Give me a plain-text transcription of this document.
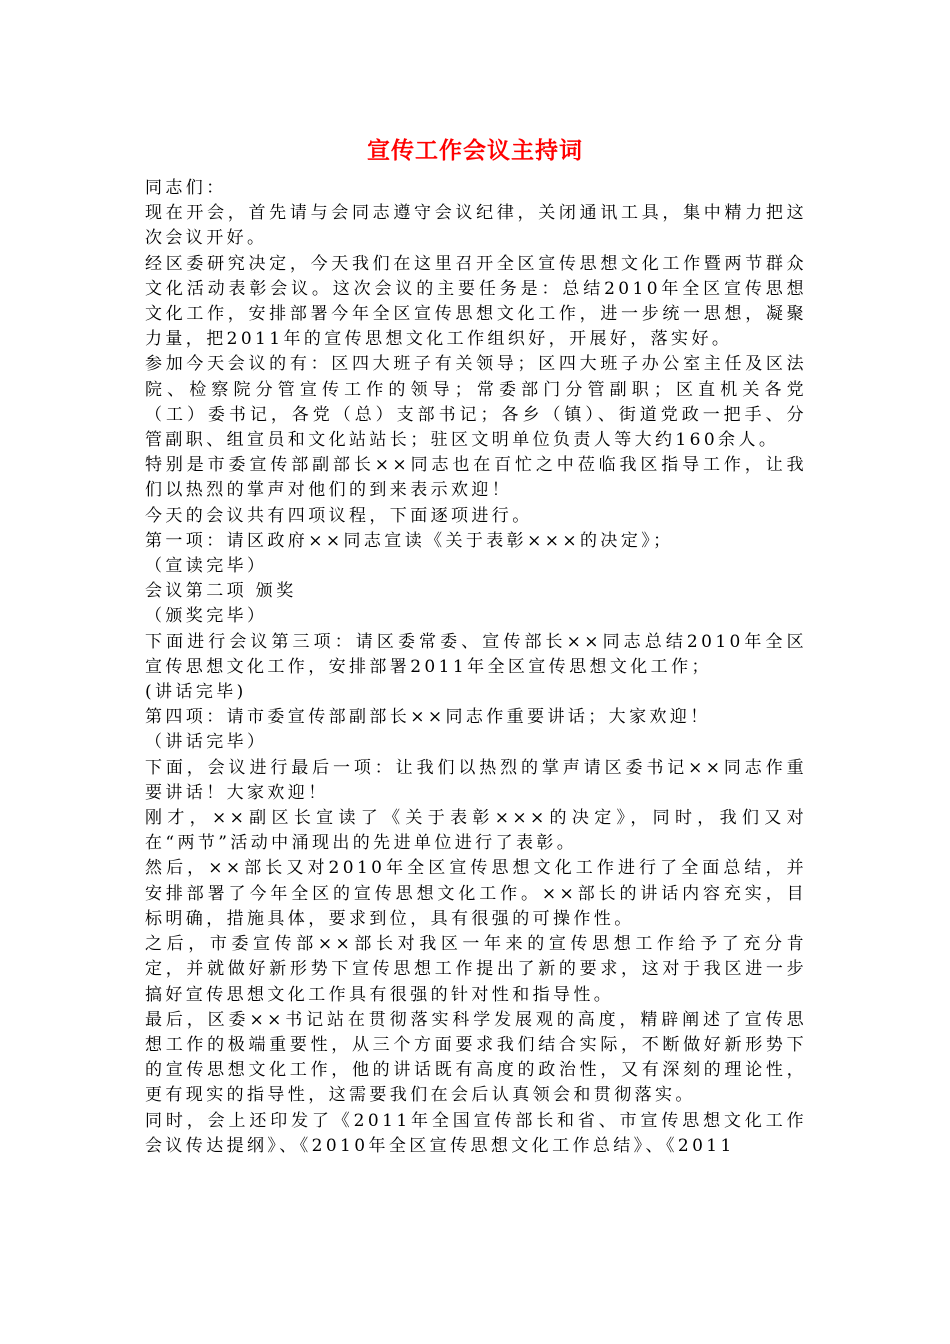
宣传工作会议主持词

同志们：

现在开会，首先请与会同志遵守会议纪律，关闭通讯工具，集中精力把这次会议开好。

经区委研究决定，今天我们在这里召开全区宣传思想文化工作暨两节群众文化活动表彰会议。这次会议的主要任务是：总结2010年全区宣传思想文化工作，安排部署今年全区宣传思想文化工作，进一步统一思想，凝聚力量，把2011年的宣传思想文化工作组织好，开展好，落实好。

参加今天会议的有：区四大班子有关领导；区四大班子办公室主任及区法院、检察院分管宣传工作的领导；常委部门分管副职；区直机关各党（工）委书记，各党（总）支部书记；各乡（镇）、街道党政一把手、分管副职、组宣员和文化站站长；驻区文明单位负责人等大约160余人。

特别是市委宣传部副部长××同志也在百忙之中莅临我区指导工作，让我们以热烈的掌声对他们的到来表示欢迎！

今天的会议共有四项议程，下面逐项进行。

第一项：请区政府××同志宣读《关于表彰×××的决定》；

（宣读完毕）

会议第二项 颁奖

（颁奖完毕）

下面进行会议第三项：请区委常委、宣传部长××同志总结2010年全区宣传思想文化工作，安排部署2011年全区宣传思想文化工作；

(讲话完毕)

第四项：请市委宣传部副部长××同志作重要讲话；大家欢迎！

（讲话完毕）

下面，会议进行最后一项：让我们以热烈的掌声请区委书记××同志作重要讲话！大家欢迎！

刚才，××副区长宣读了《关于表彰×××的决定》，同时，我们又对在“两节”活动中涌现出的先进单位进行了表彰。

然后，××部长又对2010年全区宣传思想文化工作进行了全面总结，并安排部署了今年全区的宣传思想文化工作。××部长的讲话内容充实，目标明确，措施具体，要求到位，具有很强的可操作性。

之后，市委宣传部××部长对我区一年来的宣传思想工作给予了充分肯定，并就做好新形势下宣传思想工作提出了新的要求，这对于我区进一步搞好宣传思想文化工作具有很强的针对性和指导性。

最后，区委××书记站在贯彻落实科学发展观的高度，精辟阐述了宣传思想工作的极端重要性，从三个方面要求我们结合实际，不断做好新形势下的宣传思想文化工作，他的讲话既有高度的政治性，又有深刻的理论性，更有现实的指导性，这需要我们在会后认真领会和贯彻落实。

同时，会上还印发了《2011年全国宣传部长和省、市宣传思想文化工作会议传达提纲》、《2010年全区宣传思想文化工作总结》、《2011
